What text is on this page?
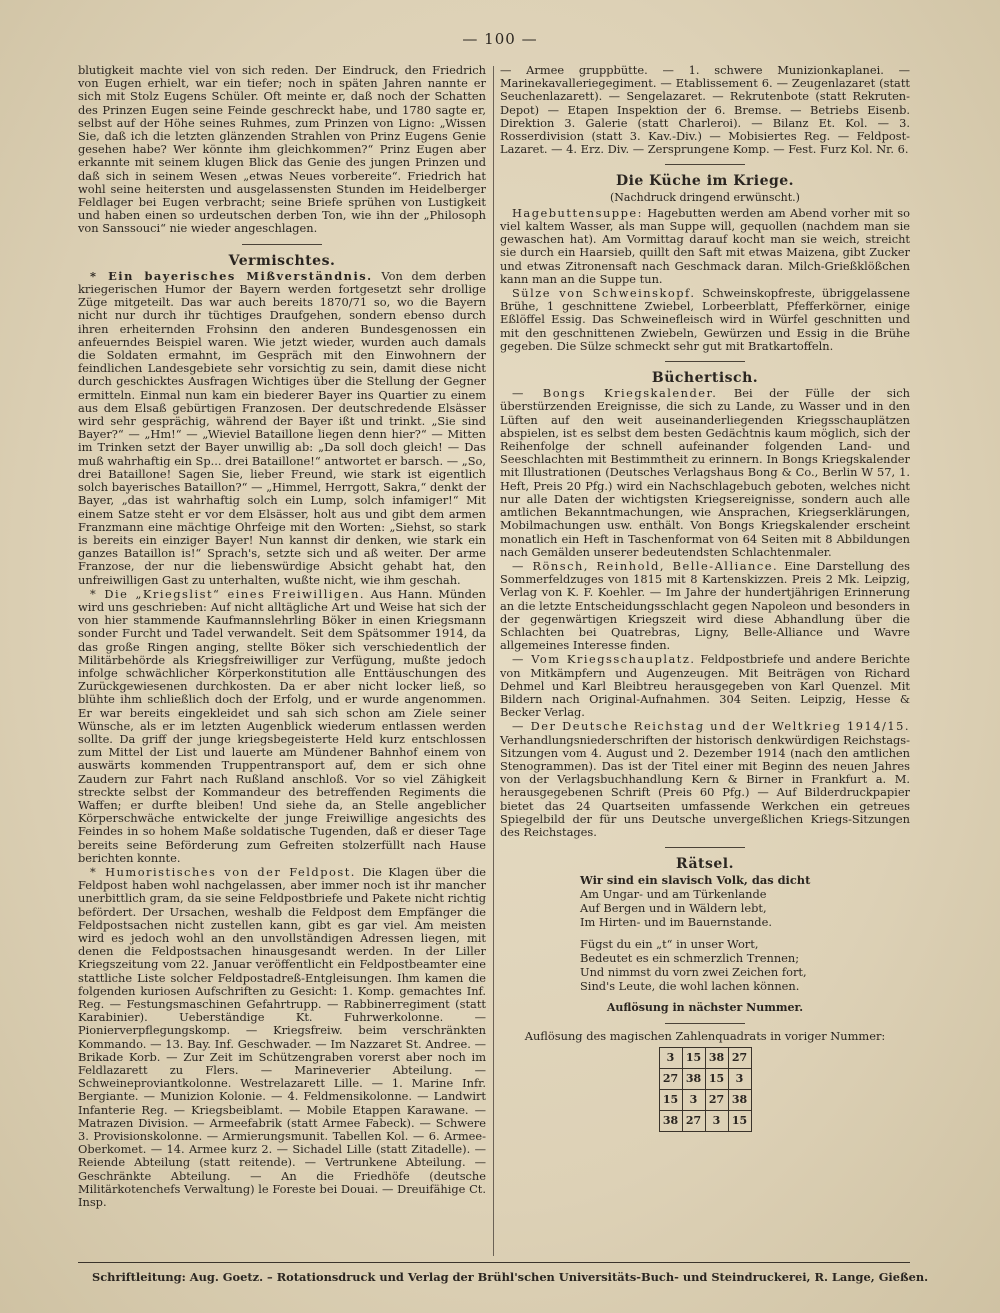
— 100 —

blutigkeit machte viel von sich reden. Der Eindruck, den Friedrich von Eugen erhielt, war ein tiefer; noch in späten Jahren nannte er sich mit Stolz Eugens Schüler. Oft meinte er, daß noch der Schatten des Prinzen Eugen seine Feinde geschreckt habe, und 1780 sagte er, selbst auf der Höhe seines Ruhmes, zum Prinzen von Ligno: „Wissen Sie, daß ich die letzten glänzenden Strahlen von Prinz Eugens Genie gesehen habe? Wer könnte ihm gleichkommen?“ Prinz Eugen aber erkannte mit seinem klugen Blick das Genie des jungen Prinzen und daß sich in seinem Wesen „etwas Neues vorbereite“. Friedrich hat wohl seine heitersten und ausgelassensten Stunden im Heidelberger Feldlager bei Eugen verbracht; seine Briefe sprühen von Lustigkeit und haben einen so urdeutschen derben Ton, wie ihn der „Philosoph von Sanssouci“ nie wieder angeschlagen.

Vermischtes.

* Ein bayerisches Mißverständnis. Von dem derben kriegerischen Humor der Bayern werden fortgesetzt sehr drollige Züge mitgeteilt. Das war auch bereits 1870/71 so, wo die Bayern nicht nur durch ihr tüchtiges Draufgehen, sondern ebenso durch ihren erheiternden Frohsinn den anderen Bundesgenossen ein anfeuerndes Beispiel waren. Wie jetzt wieder, wurden auch damals die Soldaten ermahnt, im Gespräch mit den Einwohnern der feindlichen Landesgebiete sehr vorsichtig zu sein, damit diese nicht durch geschicktes Ausfragen Wichtiges über die Stellung der Gegner ermitteln. Einmal nun kam ein biederer Bayer ins Quartier zu einem aus dem Elsaß gebürtigen Franzosen. Der deutschredende Elsässer wird sehr gesprächig, während der Bayer ißt und trinkt. „Sie sind Bayer?“ — „Hm!“ — „Wieviel Bataillone liegen denn hier?“ — Mitten im Trinken setzt der Bayer unwillig ab: „Da soll doch gleich! — Das muß wahrhaftig ein Sp... drei Bataillone!“ antwortet er barsch. — „So, drei Bataillone! Sagen Sie, lieber Freund, wie stark ist eigentlich solch bayerisches Bataillon?“ — „Himmel, Herrgott, Sakra,“ denkt der Bayer, „das ist wahrhaftig solch ein Lump, solch infamiger!“ Mit einem Satze steht er vor dem Elsässer, holt aus und gibt dem armen Franzmann eine mächtige Ohrfeige mit den Worten: „Siehst, so stark is bereits ein einziger Bayer! Nun kannst dir denken, wie stark ein ganzes Bataillon is!“ Sprach's, setzte sich und aß weiter. Der arme Franzose, der nur die liebenswürdige Absicht gehabt hat, den unfreiwilligen Gast zu unterhalten, wußte nicht, wie ihm geschah.

* Die „Kriegslist“ eines Freiwilligen. Aus Hann. Münden wird uns geschrieben: Auf nicht alltägliche Art und Weise hat sich der von hier stammende Kaufmannslehrling Böker in einen Kriegsmann sonder Furcht und Tadel verwandelt. Seit dem Spätsommer 1914, da das große Ringen anging, stellte Böker sich verschiedentlich der Militärbehörde als Kriegsfreiwilliger zur Verfügung, mußte jedoch infolge schwächlicher Körperkonstitution alle Enttäuschungen des Zurückgewiesenen durchkosten. Da er aber nicht locker ließ, so blühte ihm schließlich doch der Erfolg, und er wurde angenommen. Er war bereits eingekleidet und sah sich schon am Ziele seiner Wünsche, als er im letzten Augenblick wiederum entlassen werden sollte. Da griff der junge kriegsbegeisterte Held kurz entschlossen zum Mittel der List und lauerte am Mündener Bahnhof einem von auswärts kommenden Truppentransport auf, dem er sich ohne Zaudern zur Fahrt nach Rußland anschloß. Vor so viel Zähigkeit streckte selbst der Kommandeur des betreffenden Regiments die Waffen; er durfte bleiben! Und siehe da, an Stelle angeblicher Körperschwäche entwickelte der junge Freiwillige angesichts des Feindes in so hohem Maße soldatische Tugenden, daß er dieser Tage bereits seine Beförderung zum Gefreiten stolzerfüllt nach Hause berichten konnte.

* Humoristisches von der Feldpost. Die Klagen über die Feldpost haben wohl nachgelassen, aber immer noch ist ihr mancher unerbittlich gram, da sie seine Feldpostbriefe und Pakete nicht richtig befördert. Der Ursachen, weshalb die Feldpost dem Empfänger die Feldpostsachen nicht zustellen kann, gibt es gar viel. Am meisten wird es jedoch wohl an den unvollständigen Adressen liegen, mit denen die Feldpostsachen hinausgesandt werden. In der Liller Kriegszeitung vom 22. Januar veröffentlicht ein Feldpostbeamter eine stattliche Liste solcher Feldpostadreß-Entgleisungen. Ihm kamen die folgenden kuriosen Aufschriften zu Gesicht: 1. Komp. gemachtes Inf. Reg. — Festungsmaschinen Gefahrtrupp. — Rabbinerregiment (statt Karabinier). Ueberständige Kt. Fuhrwerkolonne. — Pionierverpflegungskomp. — Kriegsfreiw. beim verschränkten Kommando. — 13. Bay. Inf. Geschwader. — Im Nazzaret St. Andree. — Brikade Korb. — Zur Zeit im Schützengraben vorerst aber noch im Feldlazarett zu Flers. — Marineverier Abteilung. — Schweineproviantkolonne. Westrelazarett Lille. — 1. Marine Infr. Bergiante. — Munizion Kolonie. — 4. Feldmensikolonne. — Landwirt Infanterie Reg. — Kriegsbeiblamt. — Mobile Etappen Karawane. — Matrazen Division. — Armeefabrik (statt Armee Fabeck). — Schwere 3. Provisionskolonne. — Armierungsmunit. Tabellen Kol. — 6. Armee-Oberkomet. — 14. Armee kurz 2. — Sichadel Lille (statt Zitadelle). — Reiende Abteilung (statt reitende). — Vertrunkene Abteilung. — Geschränkte Abteilung. — An die Friedhöfe (deutsche Militärkotenchefs Verwaltung) le Foreste bei Douai. — Dreuifähige Ct. Insp.

— Armee gruppbütte. — 1. schwere Munizionkaplanei. — Marinekavalleriegegiment. — Etablissement 6. — Zeugenlazaret (statt Seuchenlazarett). — Sengelazaret. — Rekrutenbote (statt Rekruten-Depot) — Etapen Inspektion der 6. Bremse. — Betriebs Eisenb. Direktion 3. Galerie (statt Charleroi). — Bilanz Et. Kol. — 3. Rosserdivision (statt 3. Kav.-Div.) — Mobisiertes Reg. — Feldpost-Lazaret. — 4. Erz. Div. — Zersprungene Komp. — Fest. Furz Kol. Nr. 6.

Die Küche im Kriege.
(Nachdruck dringend erwünscht.)

Hagebuttensuppe: Hagebutten werden am Abend vorher mit so viel kaltem Wasser, als man Suppe will, gequollen (nachdem man sie gewaschen hat). Am Vormittag darauf kocht man sie weich, streicht sie durch ein Haarsieb, quillt den Saft mit etwas Maizena, gibt Zucker und etwas Zitronensaft nach Geschmack daran. Milch-Grießklößchen kann man an die Suppe tun.

Sülze von Schweinskopf. Schweinskopfreste, übriggelassene Brühe, 1 geschnittene Zwiebel, Lorbeerblatt, Pfefferkörner, einige Eßlöffel Essig. Das Schweinefleisch wird in Würfel geschnitten und mit den geschnittenen Zwiebeln, Gewürzen und Essig in die Brühe gegeben. Die Sülze schmeckt sehr gut mit Bratkartoffeln.

Büchertisch.

— Bongs Kriegskalender. Bei der Fülle der sich überstürzenden Ereignisse, die sich zu Lande, zu Wasser und in den Lüften auf den weit auseinanderliegenden Kriegsschauplätzen abspielen, ist es selbst dem besten Gedächtnis kaum möglich, sich der Reihenfolge der schnell aufeinander folgenden Land- und Seeschlachten mit Bestimmtheit zu erinnern. In Bongs Kriegskalender mit Illustrationen (Deutsches Verlagshaus Bong & Co., Berlin W 57, 1. Heft, Preis 20 Pfg.) wird ein Nachschlagebuch geboten, welches nicht nur alle Daten der wichtigsten Kriegsereignisse, sondern auch alle amtlichen Bekanntmachungen, wie Ansprachen, Kriegserklärungen, Mobilmachungen usw. enthält. Von Bongs Kriegskalender erscheint monatlich ein Heft in Taschenformat von 64 Seiten mit 8 Abbildungen nach Gemälden unserer bedeutendsten Schlachtenmaler.

— Rönsch, Reinhold, Belle-Alliance. Eine Darstellung des Sommerfeldzuges von 1815 mit 8 Kartenskizzen. Preis 2 Mk. Leipzig, Verlag von K. F. Koehler. — Im Jahre der hundertjährigen Erinnerung an die letzte Entscheidungsschlacht gegen Napoleon und besonders in der gegenwärtigen Kriegszeit wird diese Abhandlung über die Schlachten bei Quatrebras, Ligny, Belle-Alliance und Wavre allgemeines Interesse finden.

— Vom Kriegsschauplatz. Feldpostbriefe und andere Berichte von Mitkämpfern und Augenzeugen. Mit Beiträgen von Richard Dehmel und Karl Bleibtreu herausgegeben von Karl Quenzel. Mit Bildern nach Original-Aufnahmen. 304 Seiten. Leipzig, Hesse & Becker Verlag.

— Der Deutsche Reichstag und der Weltkrieg 1914/15. Verhandlungsniederschriften der historisch denkwürdigen Reichstags-Sitzungen vom 4. August und 2. Dezember 1914 (nach den amtlichen Stenogrammen). Das ist der Titel einer mit Beginn des neuen Jahres von der Verlagsbuchhandlung Kern & Birner in Frankfurt a. M. herausgegebenen Schrift (Preis 60 Pfg.) — Auf Bilderdruckpapier bietet das 24 Quartseiten umfassende Werkchen ein getreues Spiegelbild der für uns Deutsche unvergeßlichen Kriegs-Sitzungen des Reichstages.

Rätsel.
Wir sind ein slavisch Volk, das dicht
Am Ungar- und am Türkenlande
Auf Bergen und in Wäldern lebt,
Im Hirten- und im Bauernstande.
Fügst du ein „t“ in unser Wort,
Bedeutet es ein schmerzlich Trennen;
Und nimmst du vorn zwei Zeichen fort,
Sind's Leute, die wohl lachen können.
Auflösung in nächster Nummer.
Auflösung des magischen Zahlenquadrats in voriger Nummer:
3	15	38	27
27	38	15	3
15	3	27	38
38	27	3	15
Schriftleitung: Aug. Goetz. – Rotationsdruck und Verlag der Brühl'schen Universitäts-Buch- und Steindruckerei, R. Lange, Gießen.
